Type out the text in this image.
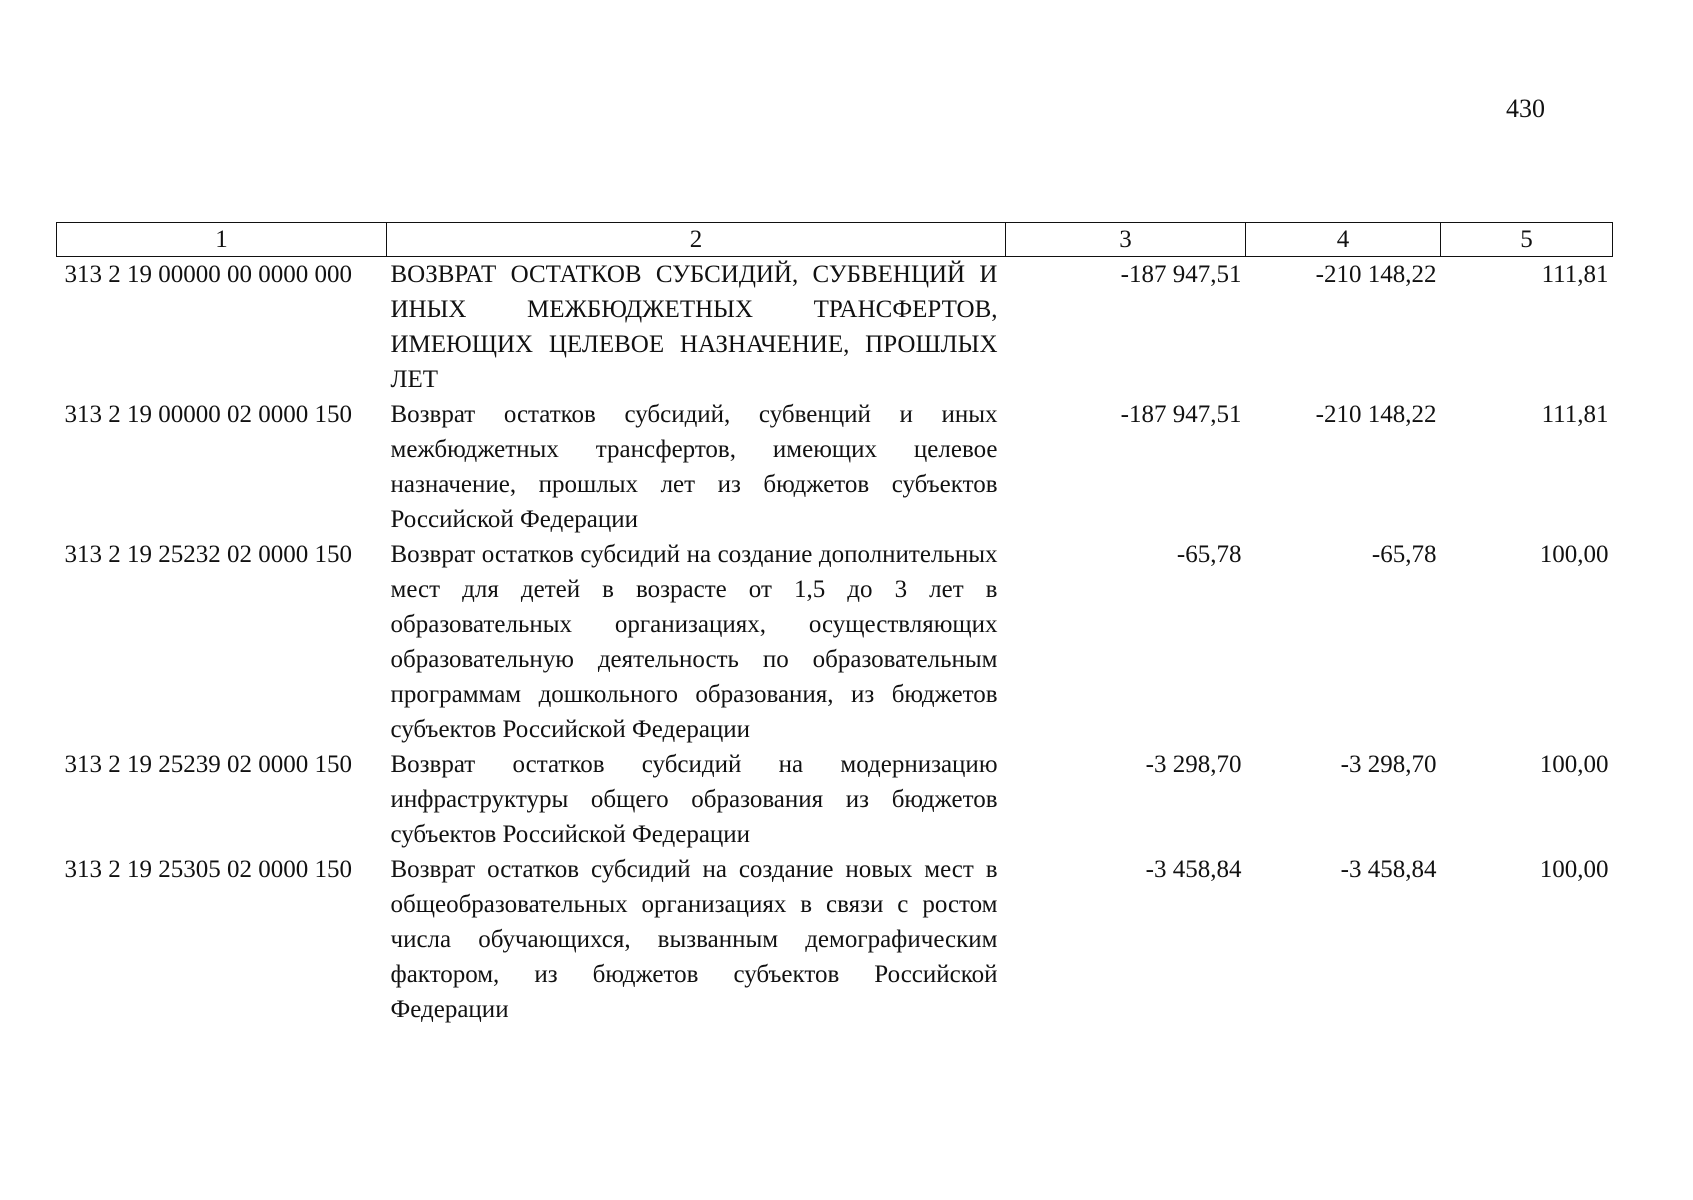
430
1	2	3	4	5
313 2 19 00000 00 0000 000	ВОЗВРАТ ОСТАТКОВ СУБСИДИЙ, СУБВЕНЦИЙ И ИНЫХ МЕЖБЮДЖЕТНЫХ ТРАНСФЕРТОВ, ИМЕЮЩИХ ЦЕЛЕВОЕ НАЗНАЧЕНИЕ, ПРОШЛЫХ ЛЕТ	-187 947,51	-210 148,22	111,81
313 2 19 00000 02 0000 150	Возврат остатков субсидий, субвенций и иных межбюджетных трансфертов, имеющих целевое назначение, прошлых лет из бюджетов субъектов Российской Федерации	-187 947,51	-210 148,22	111,81
313 2 19 25232 02 0000 150	Возврат остатков субсидий на создание дополнительных мест для детей в возрасте от 1,5 до 3 лет в образовательных организациях, осуществляющих образовательную деятельность по образовательным программам дошкольного образования, из бюджетов субъектов Российской Федерации	-65,78	-65,78	100,00
313 2 19 25239 02 0000 150	Возврат остатков субсидий на модернизацию инфраструктуры общего образования из бюджетов субъектов Российской Федерации	-3 298,70	-3 298,70	100,00
313 2 19 25305 02 0000 150	Возврат остатков субсидий на создание новых мест в общеобразовательных организациях в связи с ростом числа обучающихся, вызванным демографическим фактором, из бюджетов субъектов Российской Федерации	-3 458,84	-3 458,84	100,00
